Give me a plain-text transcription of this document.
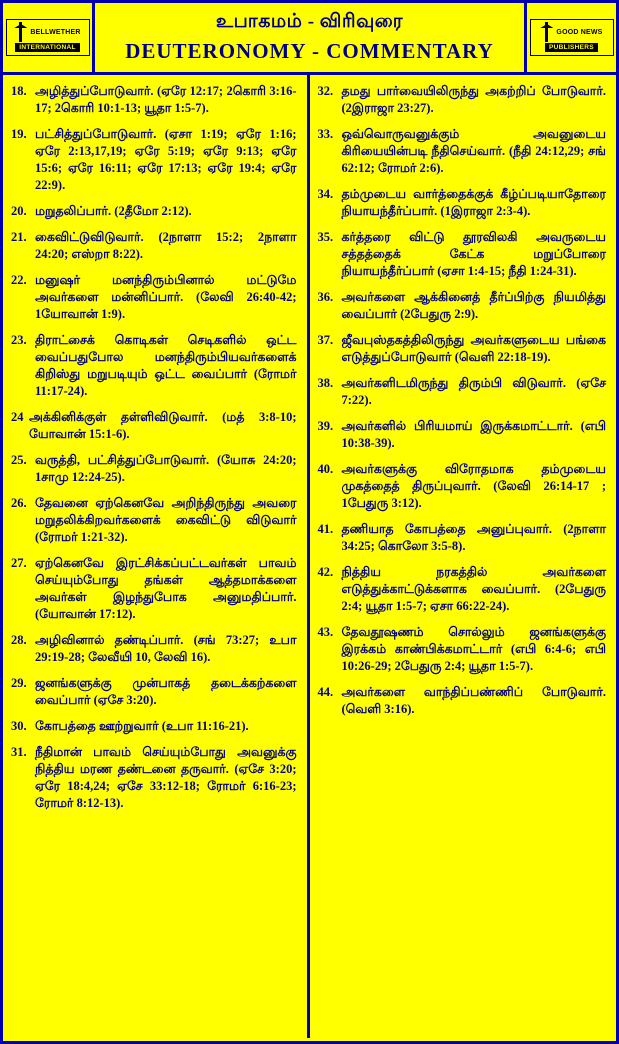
BELLWETHER
INTERNATIONAL
உபாகமம் - விரிவுரை
DEUTERONOMY - COMMENTARY
GOOD NEWS
PUBLISHERS
18. அழித்துப்போடுவார். (ஏரே 12:17; 2கொரி 3:16-17; 2கொரி 10:1-13; யூதா 1:5-7).
19. பட்சித்துப்போடுவார். (ஏசா 1:19; ஏரே 1:16; ஏரே 2:13,17,19; ஏரே 5:19; ஏரே 9:13; ஏரே 15:6; ஏரே 16:11; ஏரே 17:13; ஏரே 19:4; ஏரே 22:9).
20. மறுதலிப்பார். (2தீமோ 2:12).
21. கைவிட்டுவிடுவார். (2நாளா 15:2; 2நாளா 24:20; எஸ்றா 8:22).
22. மனுஷர் மனந்திரும்பினால் மட்டுமே அவர்களை மன்னிப்பார். (லேவி 26:40-42; 1யோவான் 1:9).
23. திராட்சைக் கொடிகள் செடிகளில் ஒட்ட வைப்பதுபோல மனந்திரும்பியவர்களைக் கிறிஸ்து மறுபடியும் ஒட்ட வைப்பார் (ரோமர் 11:17-24).
24 அக்கினிக்குள் தள்ளிவிடுவார். (மத் 3:8-10; யோவான் 15:1-6).
25. வருத்தி, பட்சித்துப்போடுவார். (யோசு 24:20; 1சாமு 12:24-25).
26. தேவனை ஏற்கெனவே அறிந்திருந்து அவரை மறுதலிக்கிறவர்களைக் கைவிட்டு விடுவார் (ரோமர் 1:21-32).
27. ஏற்கெனவே இரட்சிக்கப்பட்டவர்கள் பாவம் செய்யும்போது தங்கள் ஆத்தமாக்களை அவர்கள் இழந்துபோக அனுமதிப்பார். (யோவான் 17:12).
28. அழிவினால் தண்டிப்பார். (சங் 73:27; உபா 29:19-28; லேவீயி 10, லேவி 16).
29. ஜனங்களுக்கு முன்பாகத் தடைக்கற்களை வைப்பார் (ஏசே 3:20).
30. கோபத்தை ஊற்றுவார் (உபா 11:16-21).
31. நீதிமான் பாவம் செய்யும்போது அவனுக்கு நித்திய மரண தண்டனை தருவார். (ஏசே 3:20; ஏரே 18:4,24; ஏசே 33:12-18; ரோமர் 6:16-23; ரோமர் 8:12-13).
32. தமது பார்வையிலிருந்து அகற்றிப் போடுவார். (2இராஜா 23:27).
33. ஒவ்வொருவனுக்கும் அவனுடைய கிரியையின்படி நீதிசெய்வார். (நீதி 24:12,29; சங் 62:12; ரோமர் 2:6).
34. தம்முடைய வார்த்தைக்குக் கீழ்ப்படியாதோரை நியாயந்தீர்ப்பார். (1இராஜா 2:3-4).
35. கர்த்தரை விட்டு தூரவிலகி அவருடைய சத்தத்தைக் கேட்க மறுப்போரை நியாயந்தீர்ப்பார் (ஏசா 1:4-15; நீதி 1:24-31).
36. அவர்களை ஆக்கினைத் தீர்ப்பிற்கு நியமித்து வைப்பார் (2பேதுரு 2:9).
37. ஜீவபுஸ்தகத்திலிருந்து அவர்களுடைய பங்கை எடுத்துப்போடுவார் (வெளி 22:18-19).
38. அவர்களிடமிருந்து திரும்பி விடுவார். (ஏசே 7:22).
39. அவர்களில் பிரியமாய் இருக்கமாட்டார். (எபி 10:38-39).
40. அவர்களுக்கு விரோதமாக தம்முடைய முகத்தைத் திருப்புவார். (லேவி 26:14-17 ; 1பேதுரு 3:12).
41. தணியாத கோபத்தை அனுப்புவார். (2நாளா 34:25; கொலோ 3:5-8).
42. நித்திய நரகத்தில் அவர்களை எடுத்துக்காட்டுக்களாக வைப்பார். (2பேதுரு 2:4; யூதா 1:5-7; ஏசா 66:22-24).
43. தேவதூஷணம் சொல்லும் ஜனங்களுக்கு இரக்கம் காண்பிக்கமாட்டார் (எபி 6:4-6; எபி 10:26-29; 2பேதுரு 2:4; யூதா 1:5-7).
44. அவர்களை வாந்திப்பண்ணிப் போடுவார். (வெளி 3:16).
